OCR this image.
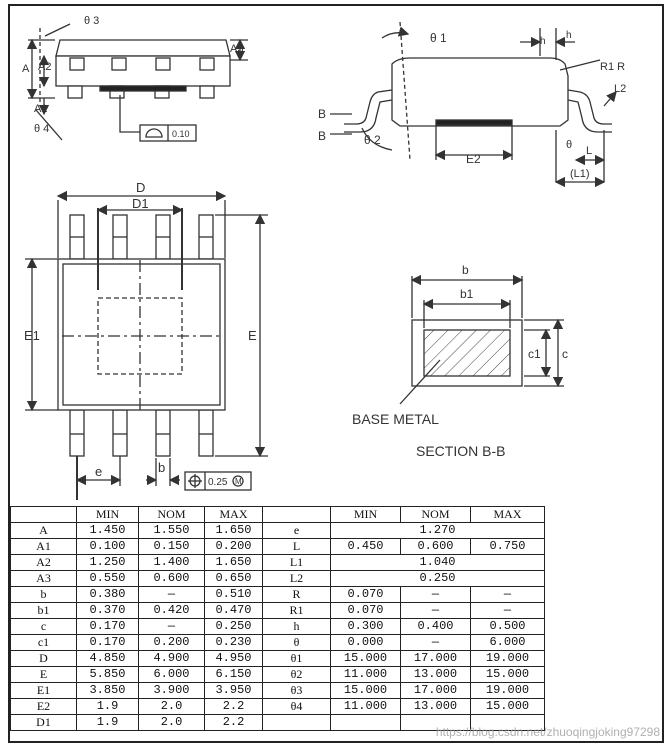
θ 3
A A2
A3
A1
θ 4	0.10
θ 1	h
h
R1 R
L2
θ L
(L1)
B
B	θ 2
E2
D
D1
E1	E
e	b
0.25 M
b
b1
c1 c
BASE METAL
SECTION B-B
	MIN	NOM	MAX		MIN	NOM	MAX
A	1.450	1.550	1.650	e	1.270		
A1	0.100	0.150	0.200	L	0.450	0.600	0.750
A2	1.250	1.400	1.650	L1	1.040		
A3	0.550	0.600	0.650	L2	0.250		
b	0.380	—	0.510	R	0.070	—	—
b1	0.370	0.420	0.470	R1	0.070	—	—
c	0.170	—	0.250	h	0.300	0.400	0.500
c1	0.170	0.200	0.230	θ	0.000	—	6.000
D	4.850	4.900	4.950	θ1	15.000	17.000	19.000
E	5.850	6.000	6.150	θ2	11.000	13.000	15.000
E1	3.850	3.900	3.950	θ3	15.000	17.000	19.000
E2	1.9	2.0	2.2	θ4	11.000	13.000	15.000
D1	1.9	2.0	2.2				
https://blog.csdn.net/zhuoqingjoking97298
